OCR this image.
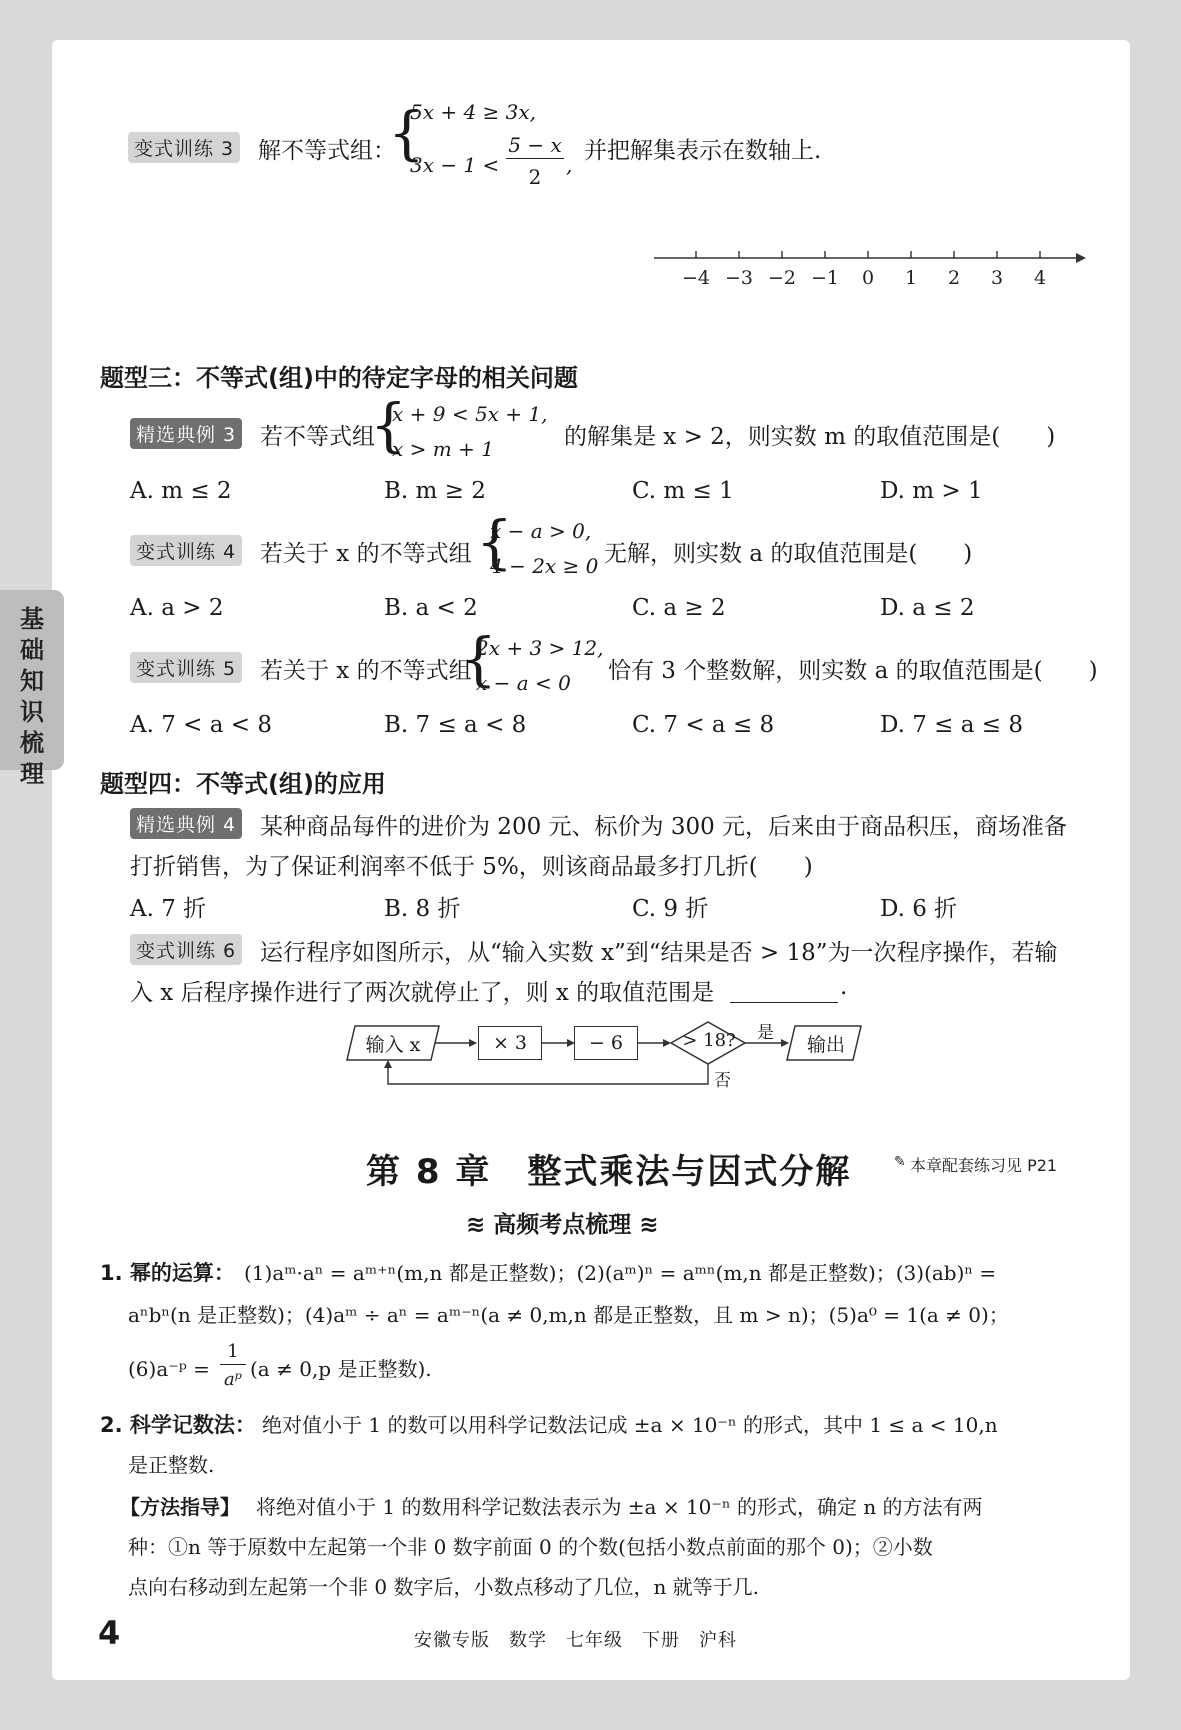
变式训练 3 解不等式组：
{
5x + 4 ≥ 3x,
3x − 1 <
5 − x
2	,
并把解集表示在数轴上.
−4 −3 −2 −1 0 1 2 3 4
题型三：不等式(组)中的待定字母的相关问题
精选典例 3 若不等式组
{
x + 9 < 5x + 1,
x > m + 1	的解集是 x > 2，则实数 m 的取值范围是(　　)
A. m ≤ 2	B. m ≥ 2	C. m ≤ 1	D. m > 1
变式训练 4 若关于 x 的不等式组 {
x − a > 0,
4 − 2x ≥ 0 无解，则实数 a 的取值范围是(　　)
A. a > 2	B. a < 2	C. a ≥ 2	D. a ≤ 2
变式训练 5 若关于 x 的不等式组
{
2x + 3 > 12,
x − a < 0 恰有 3 个整数解，则实数 a 的取值范围是(　　)
A. 7 < a < 8	B. 7 ≤ a < 8	C. 7 < a ≤ 8	D. 7 ≤ a ≤ 8
题型四：不等式(组)的应用
精选典例 4 某种商品每件的进价为 200 元、标价为 300 元，后来由于商品积压，商场准备
打折销售，为了保证利润率不低于 5%，则该商品最多打几折(　　)
A. 7 折	B. 8 折	C. 9 折	D. 6 折
变式训练 6 运行程序如图所示，从“输入实数 x”到“结果是否 > 18”为一次程序操作，若输
入 x 后程序操作进行了两次就停止了，则 x 的取值范围是	.
输入 x	× 3	− 6	> 18?	是
否
输出
基础知识梳理
第 8 章　整式乘法与因式分解	✎ 本章配套练习见 P21
≋ 高频考点梳理 ≋
1. 幂的运算： (1)aᵐ·aⁿ = aᵐ⁺ⁿ(m,n 都是正整数)；(2)(aᵐ)ⁿ = aᵐⁿ(m,n 都是正整数)；(3)(ab)ⁿ =
aⁿbⁿ(n 是正整数)；(4)aᵐ ÷ aⁿ = aᵐ⁻ⁿ(a ≠ 0,m,n 都是正整数，且 m > n)；(5)a⁰ = 1(a ≠ 0)；
(6)a⁻ᵖ =
1
aᵖ (a ≠ 0,p 是正整数).
2. 科学记数法： 绝对值小于 1 的数可以用科学记数法记成 ±a × 10⁻ⁿ 的形式，其中 1 ≤ a < 10,n
是正整数.
【方法指导】 将绝对值小于 1 的数用科学记数法表示为 ±a × 10⁻ⁿ 的形式，确定 n 的方法有两
种：①n 等于原数中左起第一个非 0 数字前面 0 的个数(包括小数点前面的那个 0)；②小数
点向右移动到左起第一个非 0 数字后，小数点移动了几位，n 就等于几.
4	安徽专版　数学　七年级　下册　沪科
